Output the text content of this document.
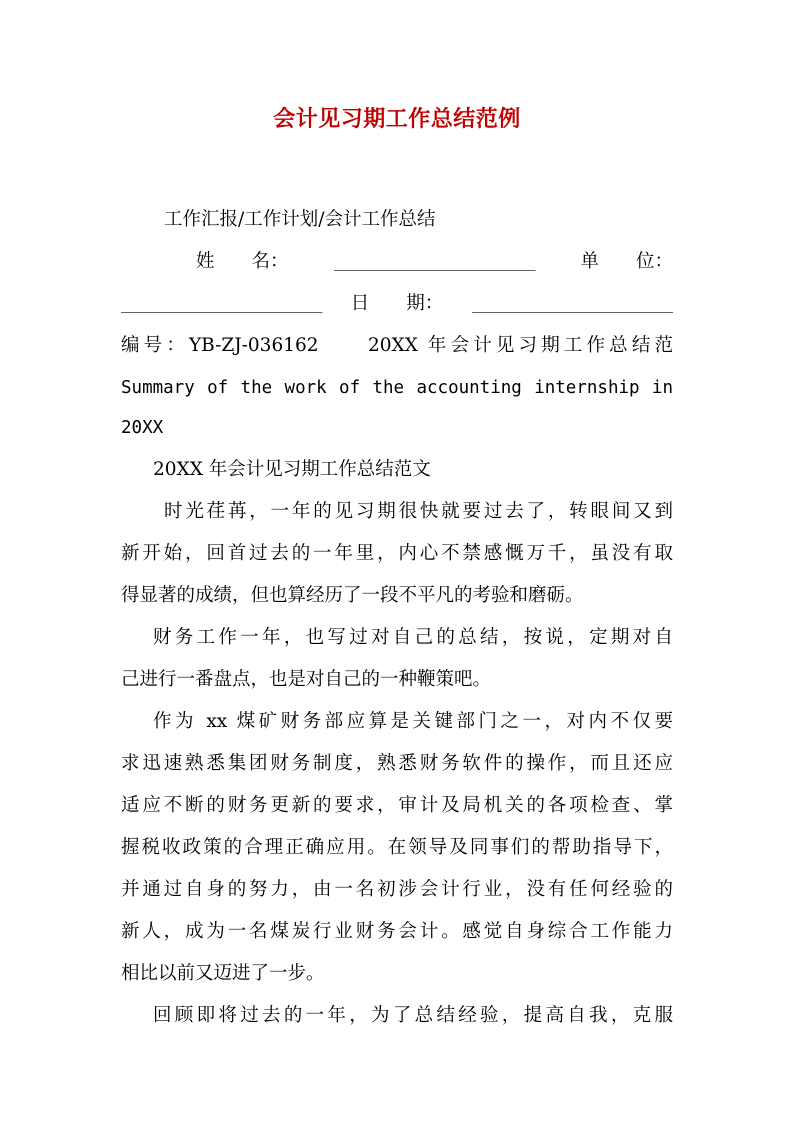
会计见习期工作总结范例
工作汇报/工作计划/会计工作总结
姓　　名：	______________________ 单　　位：
______________________ 日　　期： ______________________
编号：YB-ZJ-036162　　20XX 年会计见习期工作总结范
Summary of the work of the accounting internship in
20XX
20XX 年会计见习期工作总结范文
时光荏苒，一年的见习期很快就要过去了，转眼间又到
新开始，回首过去的一年里，内心不禁感慨万千，虽没有取
得显著的成绩，但也算经历了一段不平凡的考验和磨砺。
财务工作一年，也写过对自己的总结，按说，定期对自
己进行一番盘点，也是对自己的一种鞭策吧。
作为 xx 煤矿财务部应算是关键部门之一，对内不仅要
求迅速熟悉集团财务制度，熟悉财务软件的操作，而且还应
适应不断的财务更新的要求，审计及局机关的各项检查、掌
握税收政策的合理正确应用。在领导及同事们的帮助指导下，
并通过自身的努力，由一名初涉会计行业，没有任何经验的
新人，成为一名煤炭行业财务会计。感觉自身综合工作能力
相比以前又迈进了一步。
回顾即将过去的一年，为了总结经验，提高自我，克服
